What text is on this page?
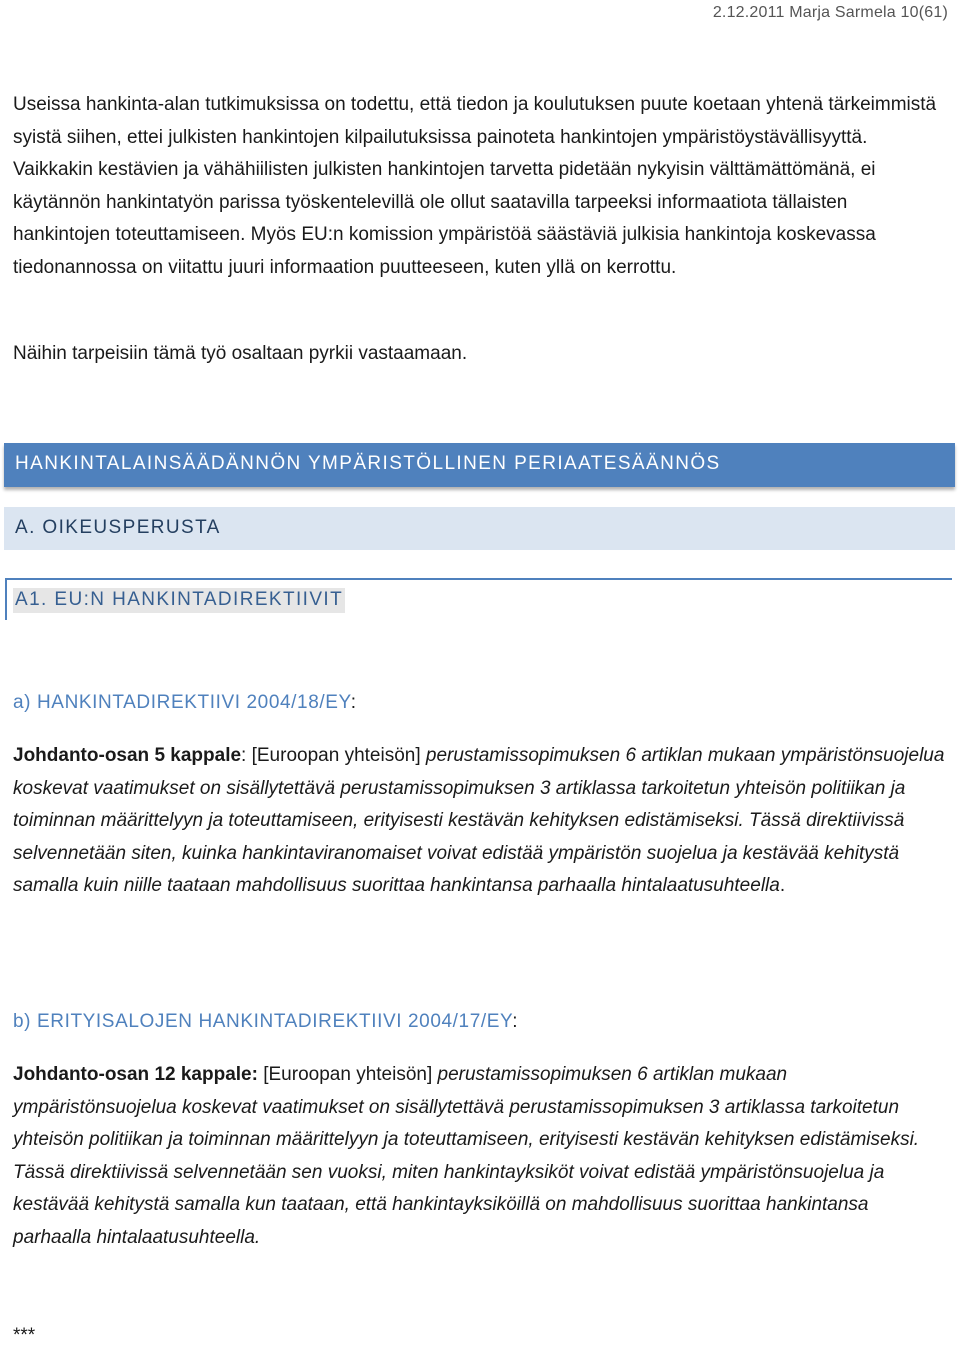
2.12.2011 Marja Sarmela 10(61)

Useissa hankinta-alan tutkimuksissa on todettu, että tiedon ja koulutuksen puute koetaan yhtenä tärkeimmistä syistä siihen, ettei julkisten hankintojen kilpailutuksissa painoteta hankintojen ympäristöystävällisyyttä. Vaikkakin kestävien ja vähähiilisten julkisten hankintojen tarvetta pidetään nykyisin välttämättömänä, ei käytännön hankintatyön parissa työskentelevillä ole ollut saatavilla tarpeeksi informaatiota tällaisten hankintojen toteuttamiseen. Myös EU:n komission ympäristöä säästäviä julkisia hankintoja koskevassa tiedonannossa on viitattu juuri informaation puutteeseen, kuten yllä on kerrottu.

Näihin tarpeisiin tämä työ osaltaan pyrkii vastaamaan.

HANKINTALAINSÄÄDÄNNÖN YMPÄRISTÖLLINEN PERIAATESÄÄNNÖS
A. OIKEUSPERUSTA
A1. EU:N HANKINTADIREKTIIVIT
a) HANKINTADIREKTIIVI 2004/18/EY:

Johdanto-osan 5 kappale: [Euroopan yhteisön] perustamissopimuksen 6 artiklan mukaan ympäristönsuojelua koskevat vaatimukset on sisällytettävä perustamissopimuksen 3 artiklassa tarkoitetun yhteisön politiikan ja toiminnan määrittelyyn ja toteuttamiseen, erityisesti kestävän kehityksen edistämiseksi. Tässä direktiivissä selvennetään siten, kuinka hankintaviranomaiset voivat edistää ympäristön suojelua ja kestävää kehitystä samalla kuin niille taataan mahdollisuus suorittaa hankintansa parhaalla hintalaatusuhteella.

b) ERITYISALOJEN HANKINTADIREKTIIVI 2004/17/EY:

Johdanto-osan 12 kappale: [Euroopan yhteisön] perustamissopimuksen 6 artiklan mukaan ympäristönsuojelua koskevat vaatimukset on sisällytettävä perustamissopimuksen 3 artiklassa tarkoitetun yhteisön politiikan ja toiminnan määrittelyyn ja toteuttamiseen, erityisesti kestävän kehityksen edistämiseksi. Tässä direktiivissä selvennetään sen vuoksi, miten hankintayksiköt voivat edistää ympäristönsuojelua ja kestävää kehitystä samalla kun taataan, että hankintayksiköillä on mahdollisuus suorittaa hankintansa parhaalla hintalaatusuhteella.

***
